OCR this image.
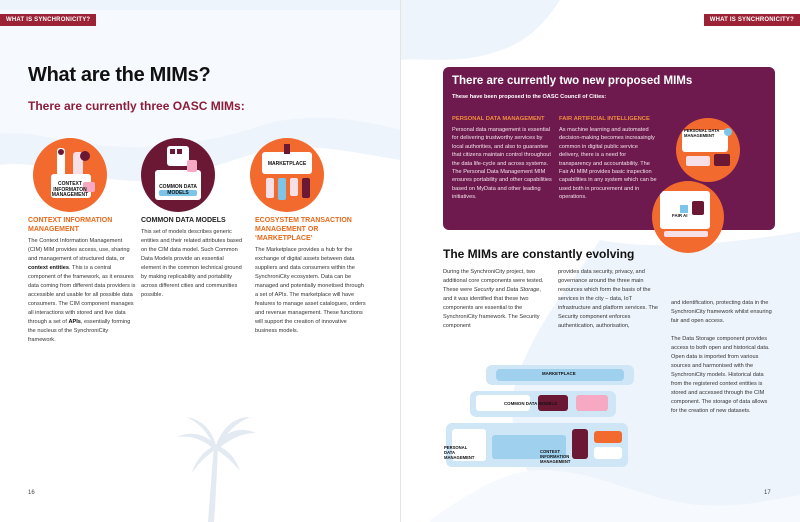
WHAT IS SYNCHRONICITY?	WHAT IS SYNCHRONICITY?
What are the MIMs?
There are currently three OASC MIMs:
CONTEXT INFORMATON MANAGEMENT
COMMON DATA MODELS
MARKETPLACE
CONTEXT INFORMATION MANAGEMENT
The Context Information Management (CIM) MIM provides access, use, sharing and management of structured data, or context entities. This is a central component of the framework, as it ensures data coming from different data providers is accessible and usable for all possible data consumers. The CIM component manages all interactions with stored and live data through a set of APIs, essentially forming the nucleus of the SynchroniCity framework.
COMMON DATA MODELS
This set of models describes generic entities and their related attributes based on the CIM data model. Such Common Data Models provide an essential element in the common technical ground by making replicability and portability across different cities and communities possible.
ECOSYSTEM TRANSACTION MANAGEMENT OR ‘MARKETPLACE’
The Marketplace provides a hub for the exchange of digital assets between data suppliers and data consumers within the SynchroniCity ecosystem. Data can be managed and potentially monetised through a set of APIs. The marketplace will have features to manage asset catalogues, orders and revenue management. These functions will support the creation of innovative business models.
16
There are currently two new proposed MIMs
These have been proposed to the OASC Council of Cities:
PERSONAL DATA MANAGEMENT
Personal data management is essential for delivering trustworthy services by local authorities, and also to guarantee that citizens maintain control throughout the data life-cycle and across systems. The Personal Data Management MIM ensures portability and other capabilities based on MyData and other leading initiatives.
FAIR ARTIFICIAL INTELLIGENCE
As machine learning and automated decision-making becomes increasingly common in digital public service delivery, there is a need for transparency and accountability. The Fair AI MIM provides basic inspection capabilities in any system which can be used both in procurement and in operations.
PERSONAL DATA MANAGEMENT
FAIR AI
The MIMs are constantly evolving
During the SynchroniCity project, two additional core components were tested. These were Security and Data Storage, and it was identified that these two components are essential to the SynchroniCity framework. The Security component
provides data security, privacy, and governance around the three main resources which form the basis of the services in the city – data, IoT infrastructure and platform services. The Security component enforces authentication, authorisation,
and identification, protecting data in the SynchroniCity framework whilst ensuring fair and open access.
The Data Storage component provides access to both open and historical data. Open data is imported from various sources and harmonised with the SynchroniCity models. Historical data from the registered context entities is stored and accessed through the CIM component. The storage of data allows for the creation of new datasets.
MARKETPLACE
COMMON DATA MODELS
PERSONAL DATA MANAGEMENT
CONTEXT INFORMATION MANAGEMENT
17
